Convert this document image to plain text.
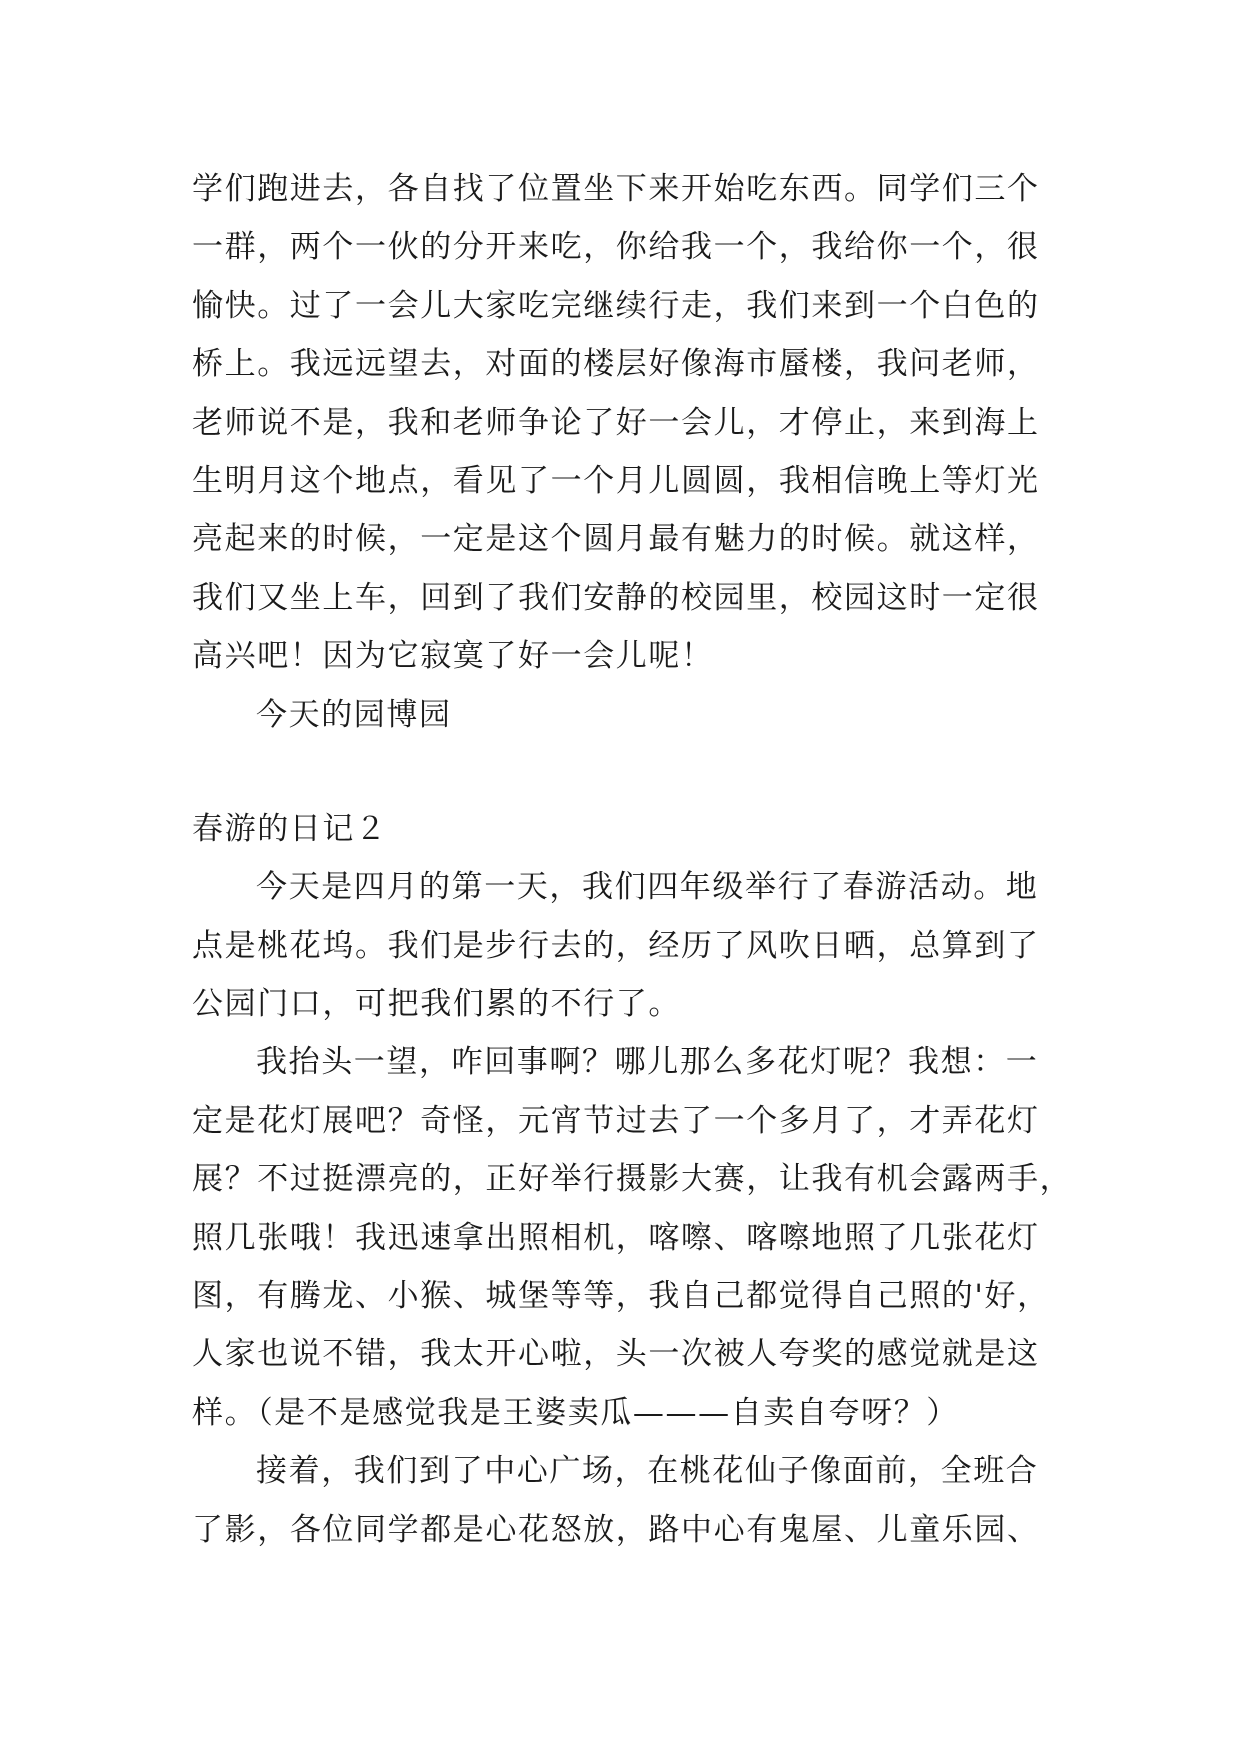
学们跑进去，各自找了位置坐下来开始吃东西。同学们三个
一群，两个一伙的分开来吃，你给我一个，我给你一个，很
愉快。过了一会儿大家吃完继续行走，我们来到一个白色的
桥上。我远远望去，对面的楼层好像海市蜃楼，我问老师，
老师说不是，我和老师争论了好一会儿，才停止，来到海上
生明月这个地点，看见了一个月儿圆圆，我相信晚上等灯光
亮起来的时候，一定是这个圆月最有魅力的时候。就这样，
我们又坐上车，回到了我们安静的校园里，校园这时一定很
高兴吧！因为它寂寞了好一会儿呢！
今天的园博园
春游的日记２
今天是四月的第一天，我们四年级举行了春游活动。地
点是桃花坞。我们是步行去的，经历了风吹日晒，总算到了
公园门口，可把我们累的不行了。
我抬头一望，咋回事啊？哪儿那么多花灯呢？我想：一
定是花灯展吧？奇怪，元宵节过去了一个多月了，才弄花灯
展？不过挺漂亮的，正好举行摄影大赛，让我有机会露两手，
照几张哦！我迅速拿出照相机，喀嚓、喀嚓地照了几张花灯
图，有腾龙、小猴、城堡等等，我自己都觉得自己照的'好，
人家也说不错，我太开心啦，头一次被人夸奖的感觉就是这
样。（是不是感觉我是王婆卖瓜———自卖自夸呀？）
接着，我们到了中心广场，在桃花仙子像面前，全班合
了影，各位同学都是心花怒放，路中心有鬼屋、儿童乐园、
